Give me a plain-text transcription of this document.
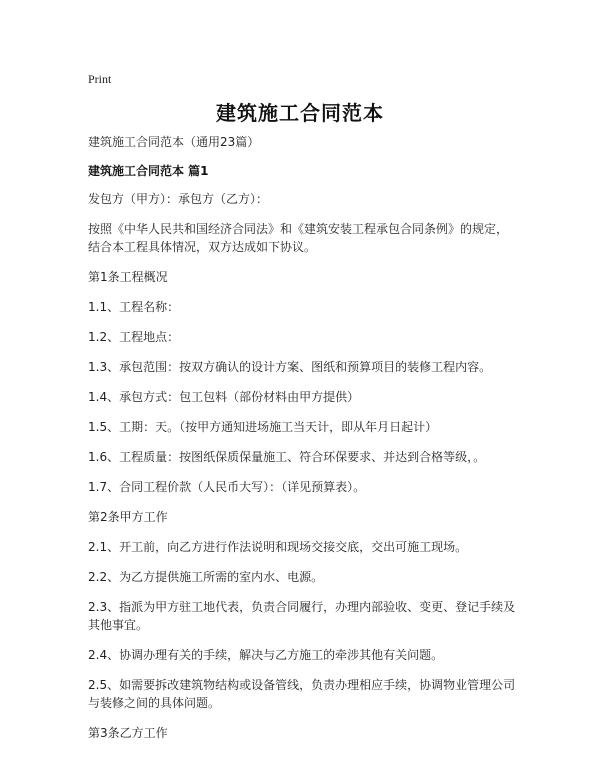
Print
建筑施工合同范本

建筑施工合同范本（通用23篇）

建筑施工合同范本 篇1

发包方（甲方）：承包方（乙方）：

按照《中华人民共和国经济合同法》和《建筑安装工程承包合同条例》的规定，结合本工程具体情况，双方达成如下协议。

第1条工程概况

1.1、工程名称：

1.2、工程地点：

1.3、承包范围：按双方确认的设计方案、图纸和预算项目的装修工程内容。

1.4、承包方式：包工包料（部份材料由甲方提供）

1.5、工期：天。（按甲方通知进场施工当天计，即从年月日起计）

1.6、工程质量：按图纸保质保量施工、符合环保要求、并达到合格等级，。

1.7、合同工程价款（人民币大写）：（详见预算表）。

第2条甲方工作

2.1、开工前，向乙方进行作法说明和现场交接交底，交出可施工现场。

2.2、为乙方提供施工所需的室内水、电源。

2.3、指派为甲方驻工地代表，负责合同履行，办理内部验收、变更、登记手续及其他事宜。

2.4、协调办理有关的手续，解决与乙方施工的牵涉其他有关问题。

2.5、如需要拆改建筑物结构或设备管线，负责办理相应手续，协调物业管理公司与装修之间的具体问题。

第3条乙方工作
